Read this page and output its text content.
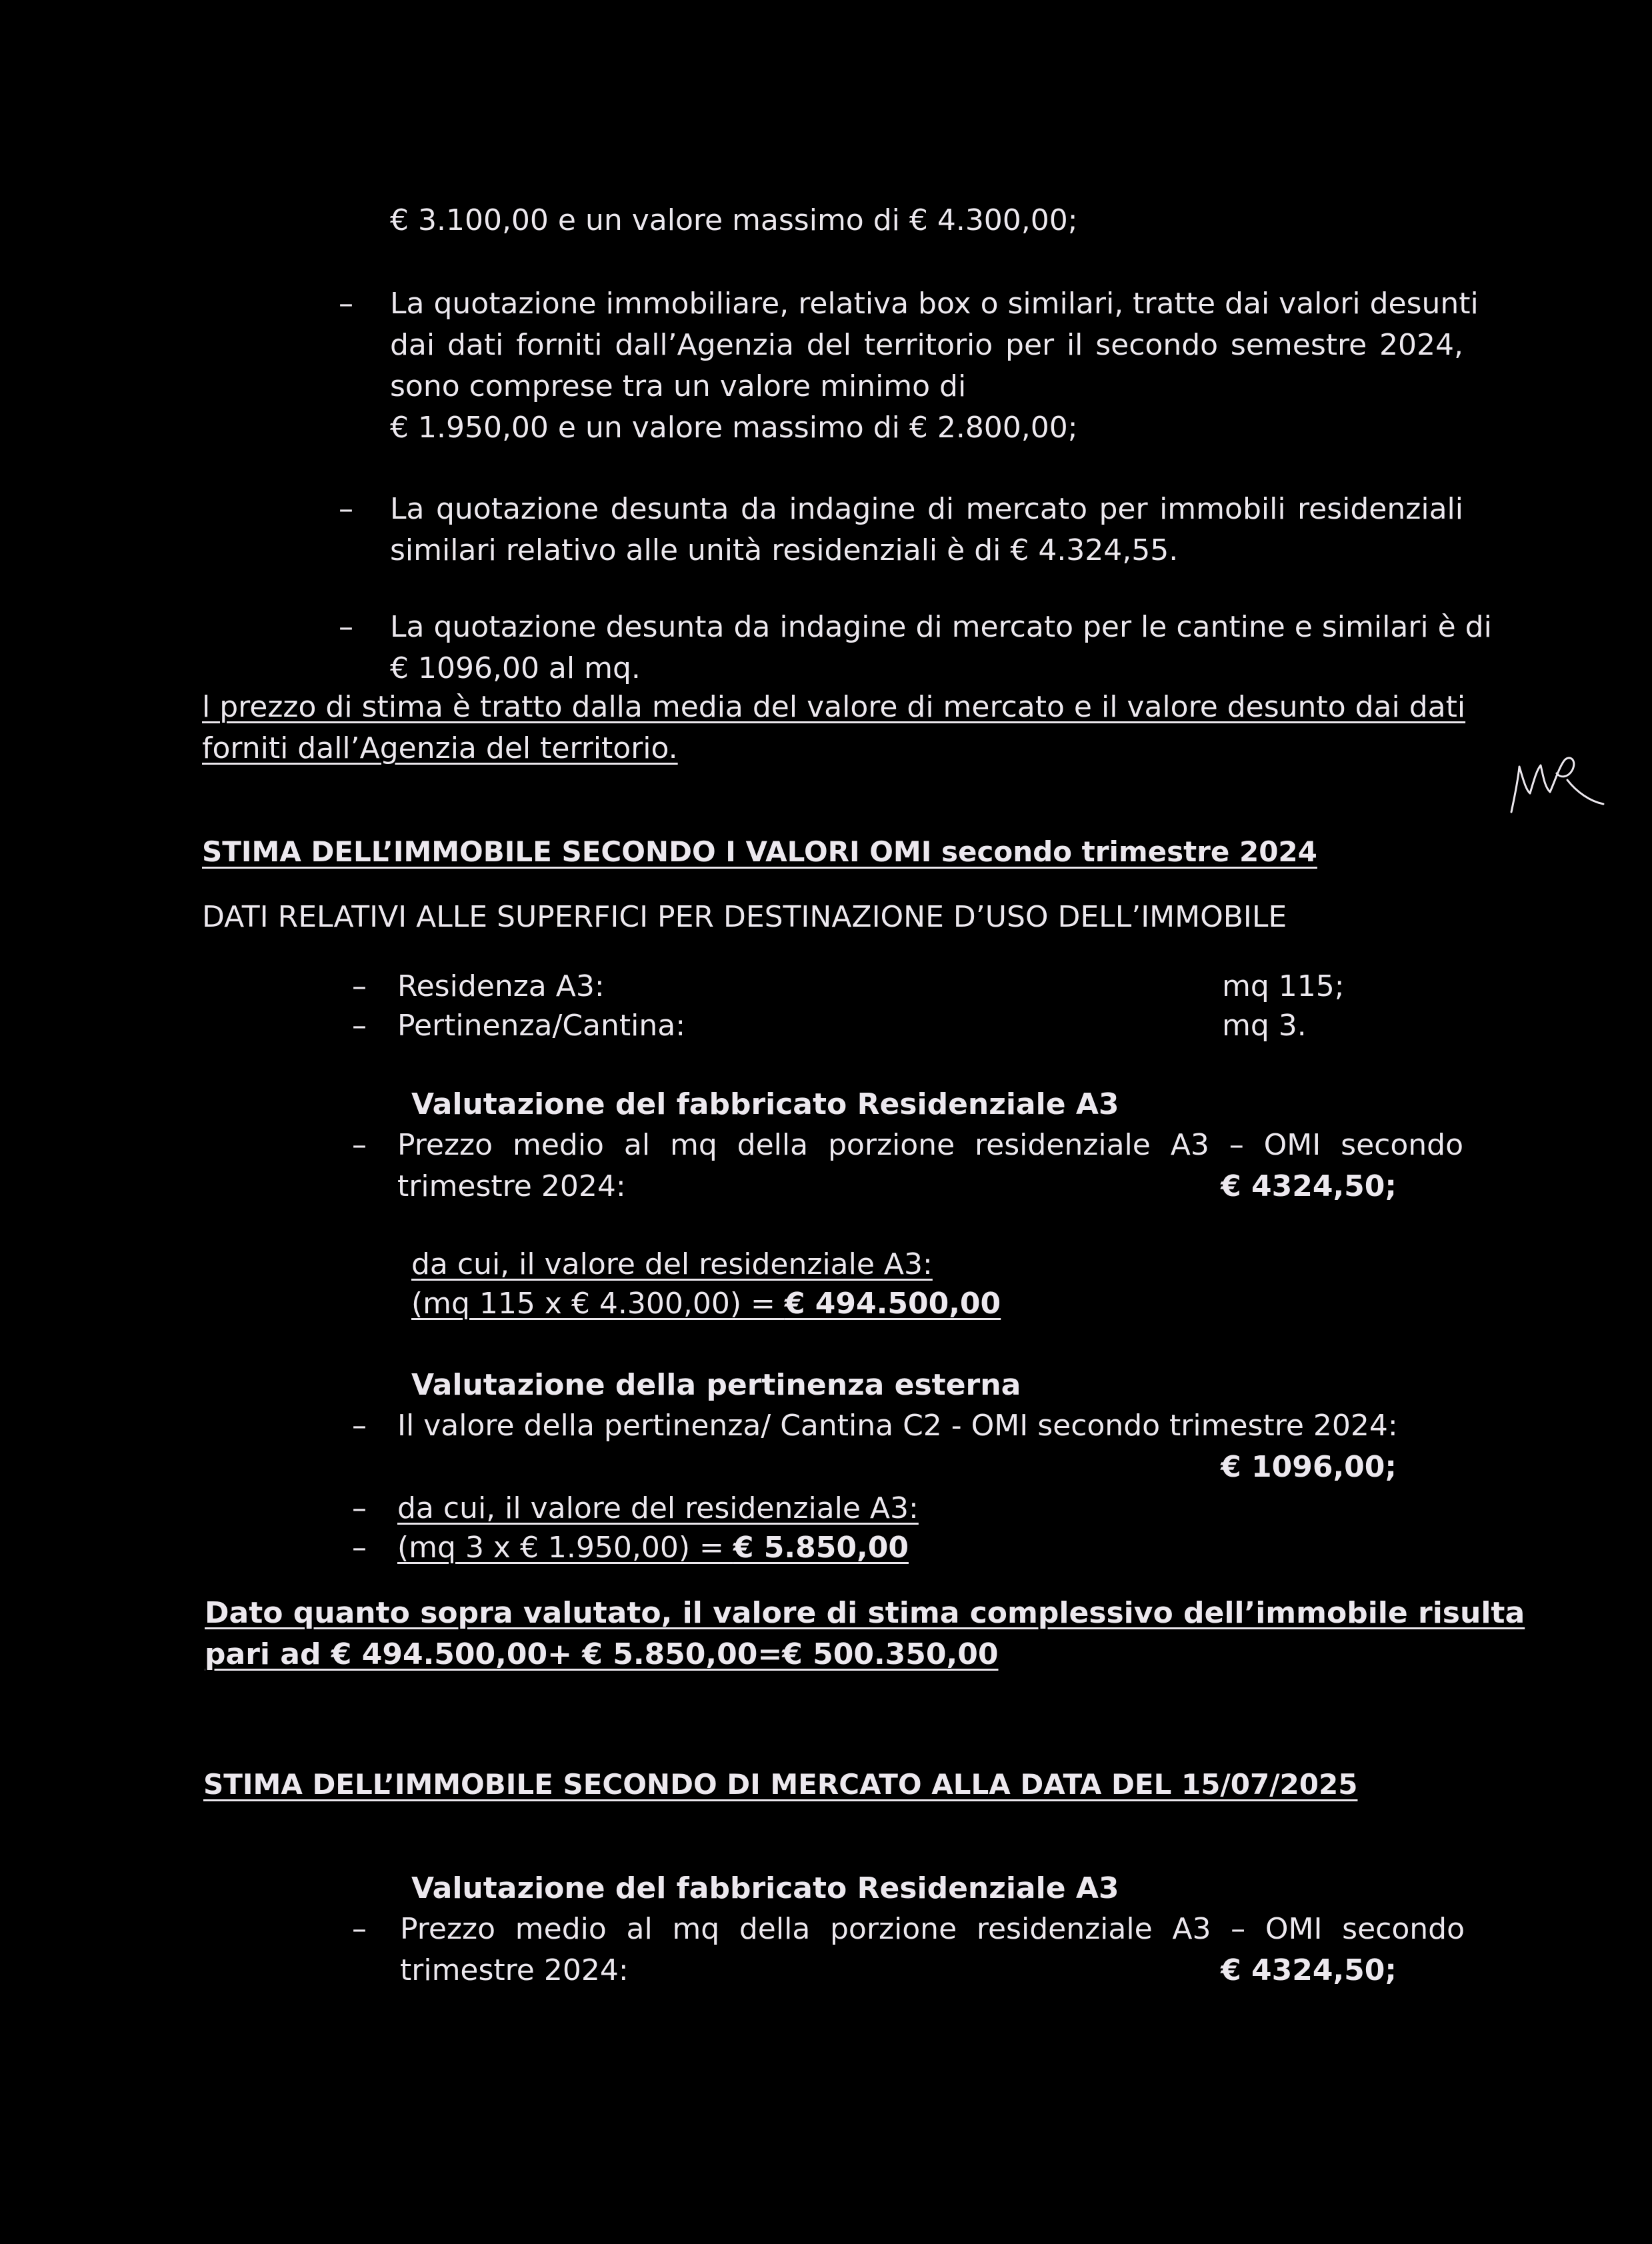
€ 3.100,00 e un valore massimo di € 4.300,00;
– La quotazione immobiliare, relativa box o similari, tratte dai valori desunti
dai dati forniti dall’Agenzia del territorio per il secondo semestre 2024,
sono comprese tra un valore minimo di
€ 1.950,00 e un valore massimo di € 2.800,00;
– La quotazione desunta da indagine di mercato per immobili residenziali
similari relativo alle unità residenziali è di € 4.324,55.
– La quotazione desunta da indagine di mercato per le cantine e similari è di
€ 1096,00 al mq.
l prezzo di stima è tratto dalla media del valore di mercato e il valore desunto dai dati
forniti dall’Agenzia del territorio.
STIMA DELL’IMMOBILE SECONDO I VALORI OMI secondo trimestre 2024
DATI RELATIVI ALLE SUPERFICI PER DESTINAZIONE D’USO DELL’IMMOBILE
– Residenza A3:	mq 115;
– Pertinenza/Cantina:	mq 3.
Valutazione del fabbricato Residenziale A3
– Prezzo medio al mq della porzione residenziale A3 – OMI secondo
trimestre 2024:	€ 4324,50;
da cui, il valore del residenziale A3:
(mq 115 x € 4.300,00) = € 494.500,00
Valutazione della pertinenza esterna
– Il valore della pertinenza/ Cantina C2 - OMI secondo trimestre 2024:
€ 1096,00;
– da cui, il valore del residenziale A3:
– (mq 3 x € 1.950,00) = € 5.850,00
Dato quanto sopra valutato, il valore di stima complessivo dell’immobile risulta
pari ad € 494.500,00+ € 5.850,00=€ 500.350,00
STIMA DELL’IMMOBILE SECONDO DI MERCATO ALLA DATA DEL 15/07/2025
Valutazione del fabbricato Residenziale A3
– Prezzo medio al mq della porzione residenziale A3 – OMI secondo
trimestre 2024:	€ 4324,50;
